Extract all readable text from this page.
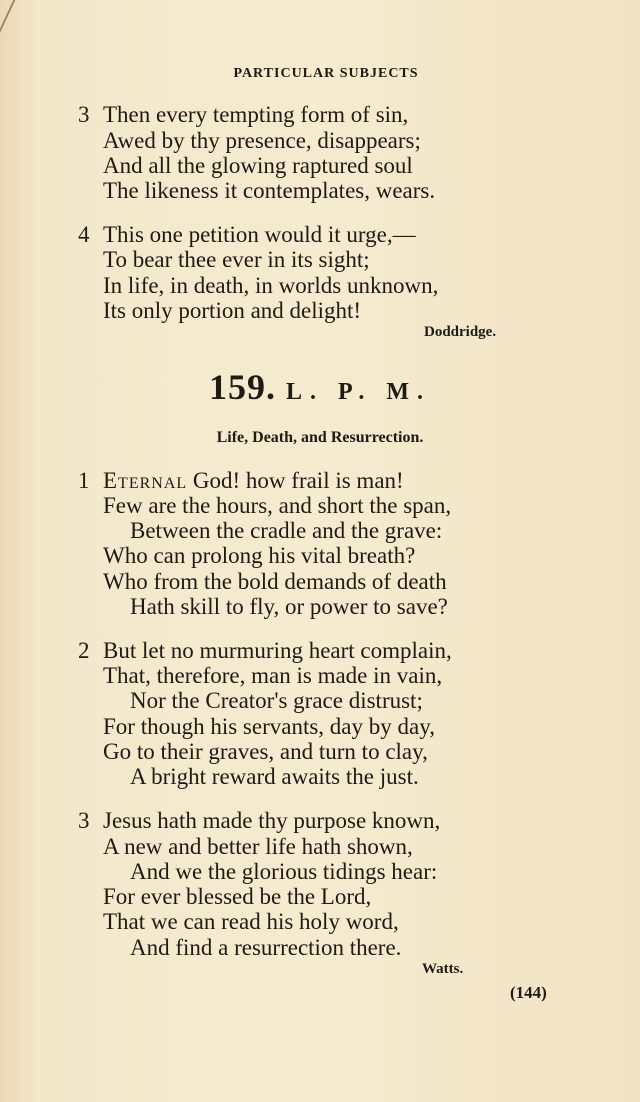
PARTICULAR SUBJECTS
3 Then every tempting form of sin,
Awed by thy presence, disappears;
And all the glowing raptured soul
The likeness it contemplates, wears.
4 This one petition would it urge,—
To bear thee ever in its sight;
In life, in death, in worlds unknown,
Its only portion and delight!
Doddridge.
159. L. P. M.
Life, Death, and Resurrection.
1 Eternal God! how frail is man!
Few are the hours, and short the span,
Between the cradle and the grave:
Who can prolong his vital breath?
Who from the bold demands of death
Hath skill to fly, or power to save?
2 But let no murmuring heart complain,
That, therefore, man is made in vain,
Nor the Creator's grace distrust;
For though his servants, day by day,
Go to their graves, and turn to clay,
A bright reward awaits the just.
3 Jesus hath made thy purpose known,
A new and better life hath shown,
And we the glorious tidings hear:
For ever blessed be the Lord,
That we can read his holy word,
And find a resurrection there.
Watts.
(144)
